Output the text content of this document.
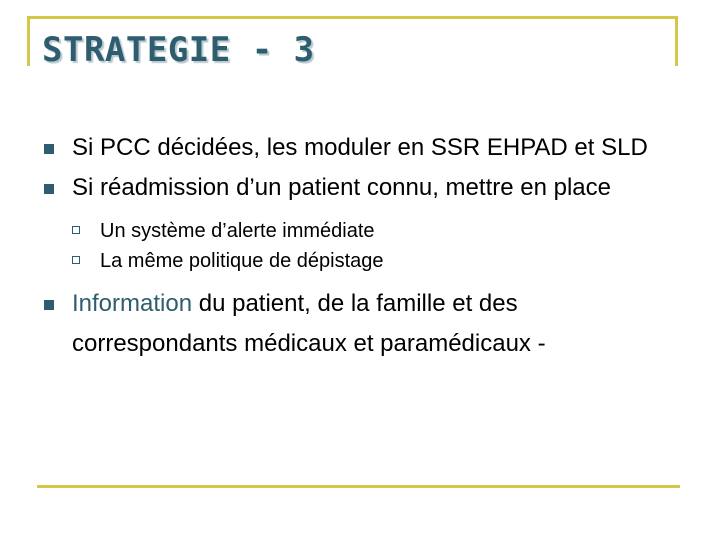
STRATEGIE - 3
Si PCC décidées, les moduler en SSR EHPAD et SLD
Si réadmission d’un patient connu, mettre en place
Un système d’alerte immédiate
La même politique de dépistage
Information du patient, de la famille et des correspondants médicaux et paramédicaux -
